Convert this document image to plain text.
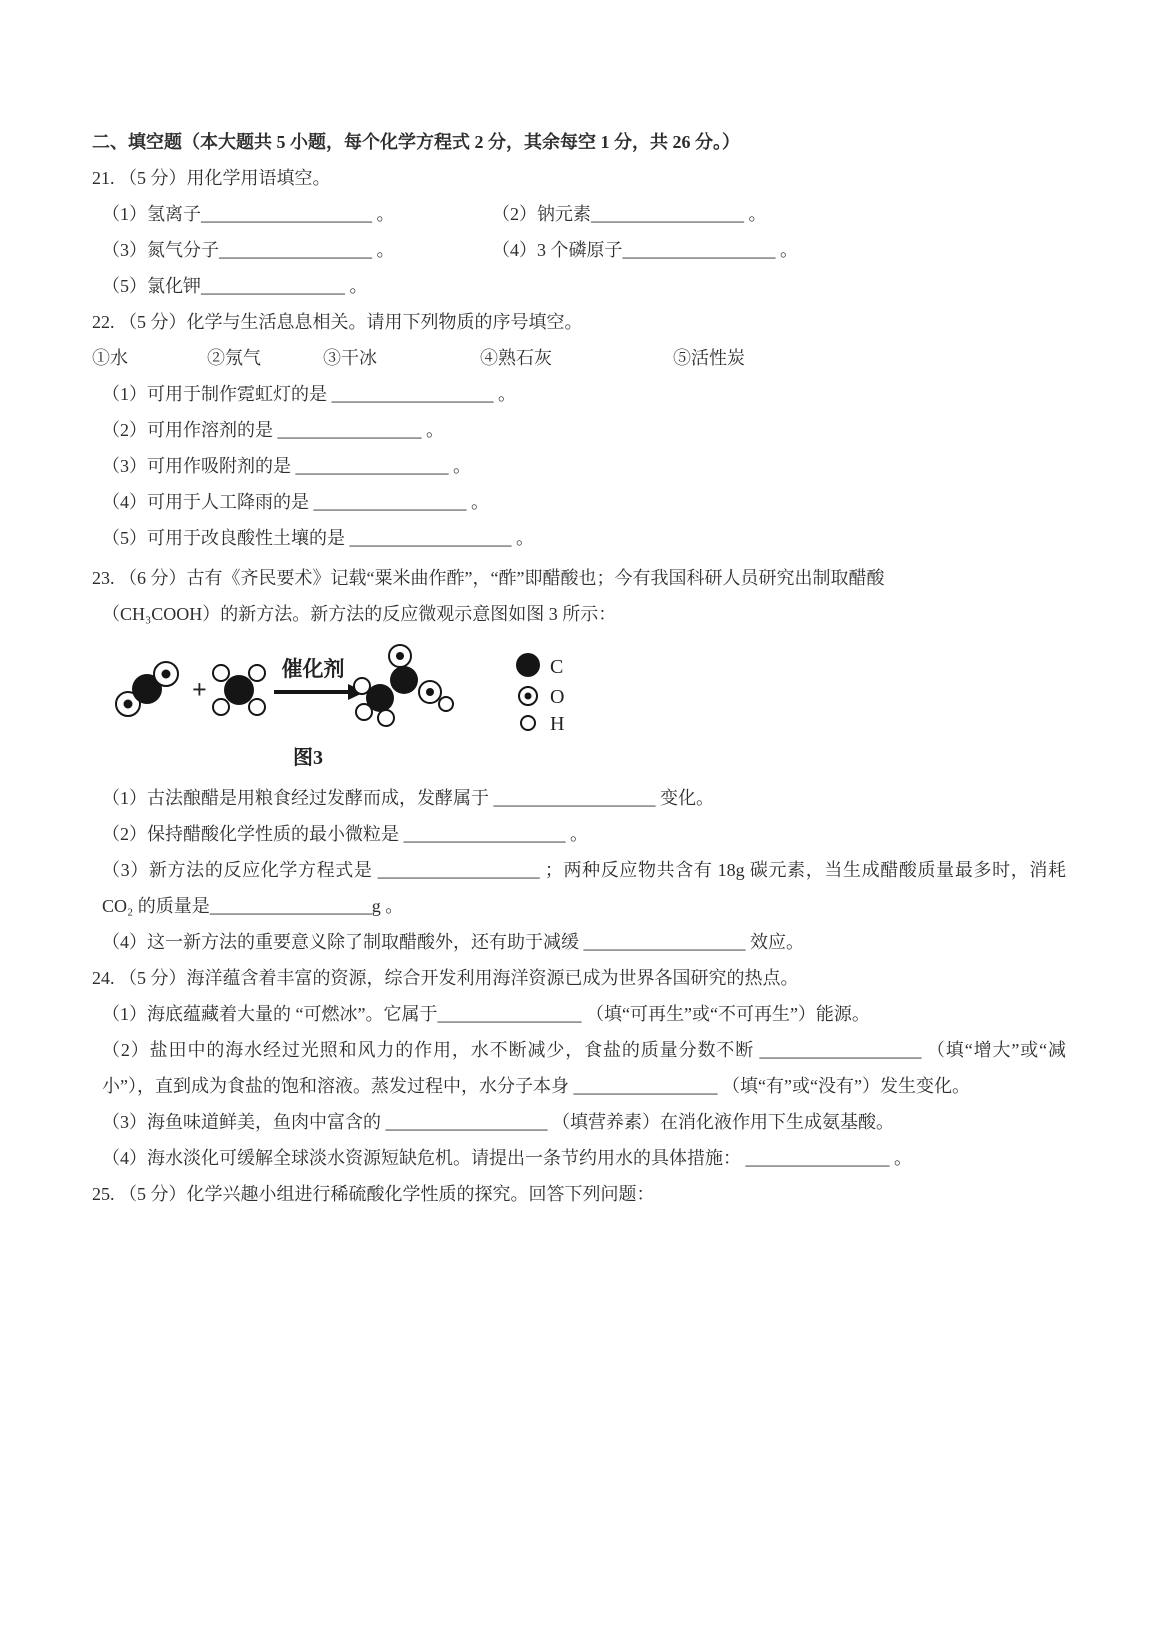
二、填空题（本大题共 5 小题，每个化学方程式 2 分，其余每空 1 分，共 26 分。）

21. （5 分）用化学用语填空。

（1）氢离子___________________ 。	（2）钠元素_________________ 。
（3）氮气分子_________________ 。	（4）3 个磷原子_________________ 。

（5）氯化钾________________ 。

22. （5 分）化学与生活息息相关。请用下列物质的序号填空。

①水	②氖气	③干冰	④熟石灰	⑤活性炭

（1）可用于制作霓虹灯的是 __________________ 。

（2）可用作溶剂的是 ________________ 。

（3）可用作吸附剂的是 _________________ 。

（4）可用于人工降雨的是 _________________ 。

（5）可用于改良酸性土壤的是 __________________ 。

23. （6 分）古有《齐民要术》记载“粟米曲作酢”，“酢”即醋酸也；今有我国科研人员研究出制取醋酸

（CH₃COOH）的新方法。新方法的反应微观示意图如图 3 所示：

+
催化剂	C
O
H
图3

（1）古法酿醋是用粮食经过发酵而成，发酵属于 __________________ 变化。

（2）保持醋酸化学性质的最小微粒是 __________________ 。

（3）新方法的反应化学方程式是 __________________ ；两种反应物共含有 18g 碳元素，当生成醋酸质量最多时，消耗 CO₂ 的质量是__________________g 。

（4）这一新方法的重要意义除了制取醋酸外，还有助于减缓 __________________ 效应。

24. （5 分）海洋蕴含着丰富的资源，综合开发利用海洋资源已成为世界各国研究的热点。

（1）海底蕴藏着大量的 “可燃冰”。它属于________________ （填“可再生”或“不可再生”）能源。

（2）盐田中的海水经过光照和风力的作用，水不断减少，食盐的质量分数不断 __________________ （填“增大”或“减小”），直到成为食盐的饱和溶液。蒸发过程中，水分子本身 ________________ （填“有”或“没有”）发生变化。

（3）海鱼味道鲜美，鱼肉中富含的 __________________ （填营养素）在消化液作用下生成氨基酸。

（4）海水淡化可缓解全球淡水资源短缺危机。请提出一条节约用水的具体措施： ________________ 。

25. （5 分）化学兴趣小组进行稀硫酸化学性质的探究。回答下列问题：
